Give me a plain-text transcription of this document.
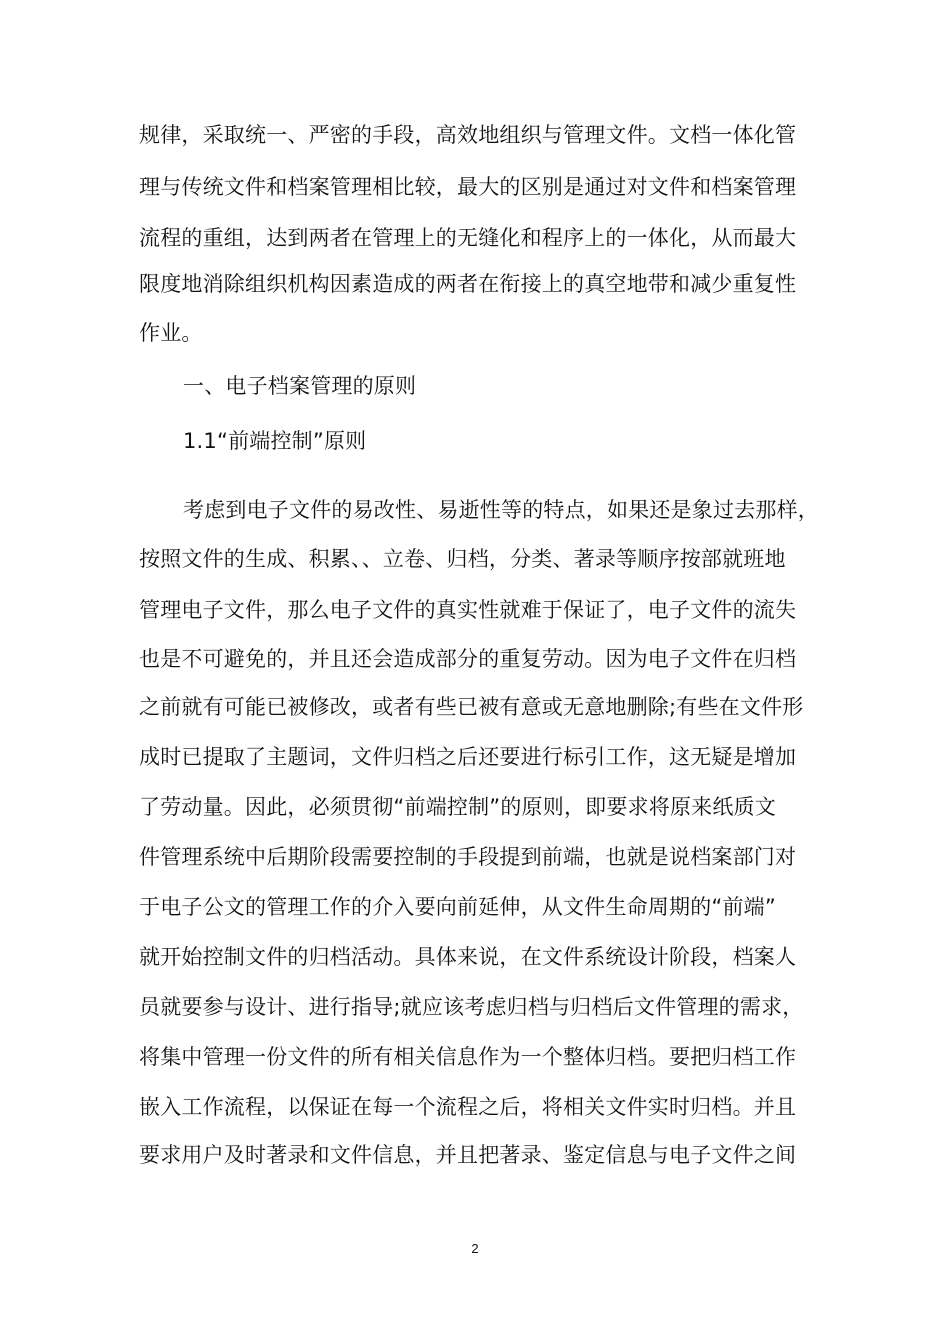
规律，采取统一、严密的手段，高效地组织与管理文件。文档一体化管
理与传统文件和档案管理相比较，最大的区别是通过对文件和档案管理
流程的重组，达到两者在管理上的无缝化和程序上的一体化，从而最大
限度地消除组织机构因素造成的两者在衔接上的真空地带和减少重复性
作业。
一、电子档案管理的原则
1.1“前端控制”原则
考虑到电子文件的易改性、易逝性等的特点，如果还是象过去那样，
按照文件的生成、积累、、立卷、归档，分类、著录等顺序按部就班地
管理电子文件，那么电子文件的真实性就难于保证了，电子文件的流失
也是不可避免的，并且还会造成部分的重复劳动。因为电子文件在归档
之前就有可能已被修改，或者有些已被有意或无意地删除;有些在文件形
成时已提取了主题词，文件归档之后还要进行标引工作，这无疑是增加
了劳动量。因此，必须贯彻“前端控制”的原则，即要求将原来纸质文
件管理系统中后期阶段需要控制的手段提到前端，也就是说档案部门对
于电子公文的管理工作的介入要向前延伸，从文件生命周期的“前端”
就开始控制文件的归档活动。具体来说，在文件系统设计阶段，档案人
员就要参与设计、进行指导;就应该考虑归档与归档后文件管理的需求，
将集中管理一份文件的所有相关信息作为一个整体归档。要把归档工作
嵌入工作流程，以保证在每一个流程之后，将相关文件实时归档。并且
要求用户及时著录和文件信息，并且把著录、鉴定信息与电子文件之间
2
